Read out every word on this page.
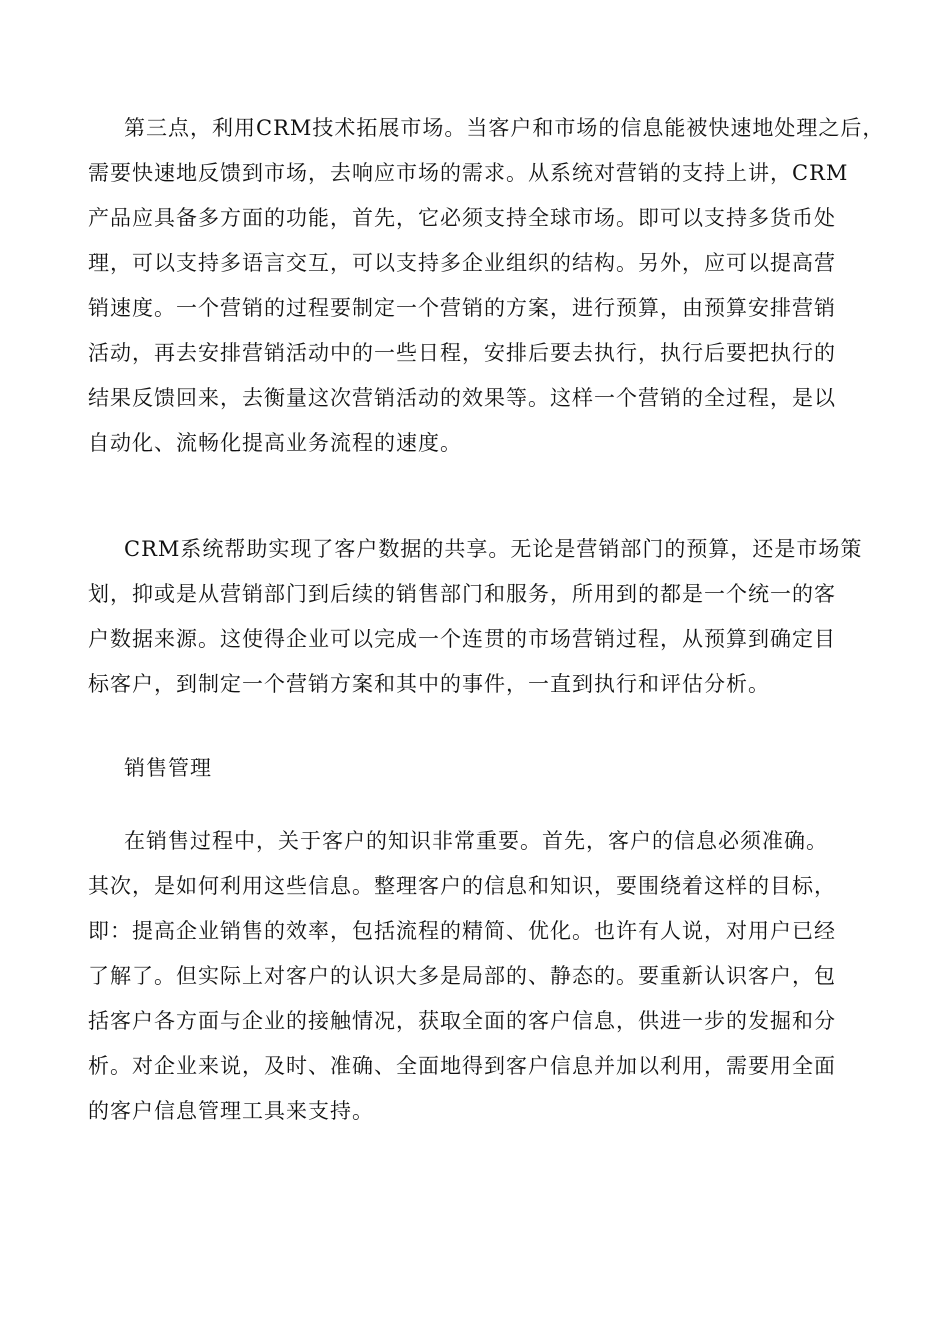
第三点，利用CRM技术拓展市场。当客户和市场的信息能被快速地处理之后，
需要快速地反馈到市场，去响应市场的需求。从系统对营销的支持上讲，CRM
产品应具备多方面的功能，首先，它必须支持全球市场。即可以支持多货币处
理，可以支持多语言交互，可以支持多企业组织的结构。另外，应可以提高营
销速度。一个营销的过程要制定一个营销的方案，进行预算，由预算安排营销
活动，再去安排营销活动中的一些日程，安排后要去执行，执行后要把执行的
结果反馈回来，去衡量这次营销活动的效果等。这样一个营销的全过程，是以
自动化、流畅化提高业务流程的速度。
CRM系统帮助实现了客户数据的共享。无论是营销部门的预算，还是市场策
划，抑或是从营销部门到后续的销售部门和服务，所用到的都是一个统一的客
户数据来源。这使得企业可以完成一个连贯的市场营销过程，从预算到确定目
标客户，到制定一个营销方案和其中的事件，一直到执行和评估分析。
销售管理
在销售过程中，关于客户的知识非常重要。首先，客户的信息必须准确。
其次，是如何利用这些信息。整理客户的信息和知识，要围绕着这样的目标，
即：提高企业销售的效率，包括流程的精简、优化。也许有人说，对用户已经
了解了。但实际上对客户的认识大多是局部的、静态的。要重新认识客户，包
括客户各方面与企业的接触情况，获取全面的客户信息，供进一步的发掘和分
析。对企业来说，及时、准确、全面地得到客户信息并加以利用，需要用全面
的客户信息管理工具来支持。
